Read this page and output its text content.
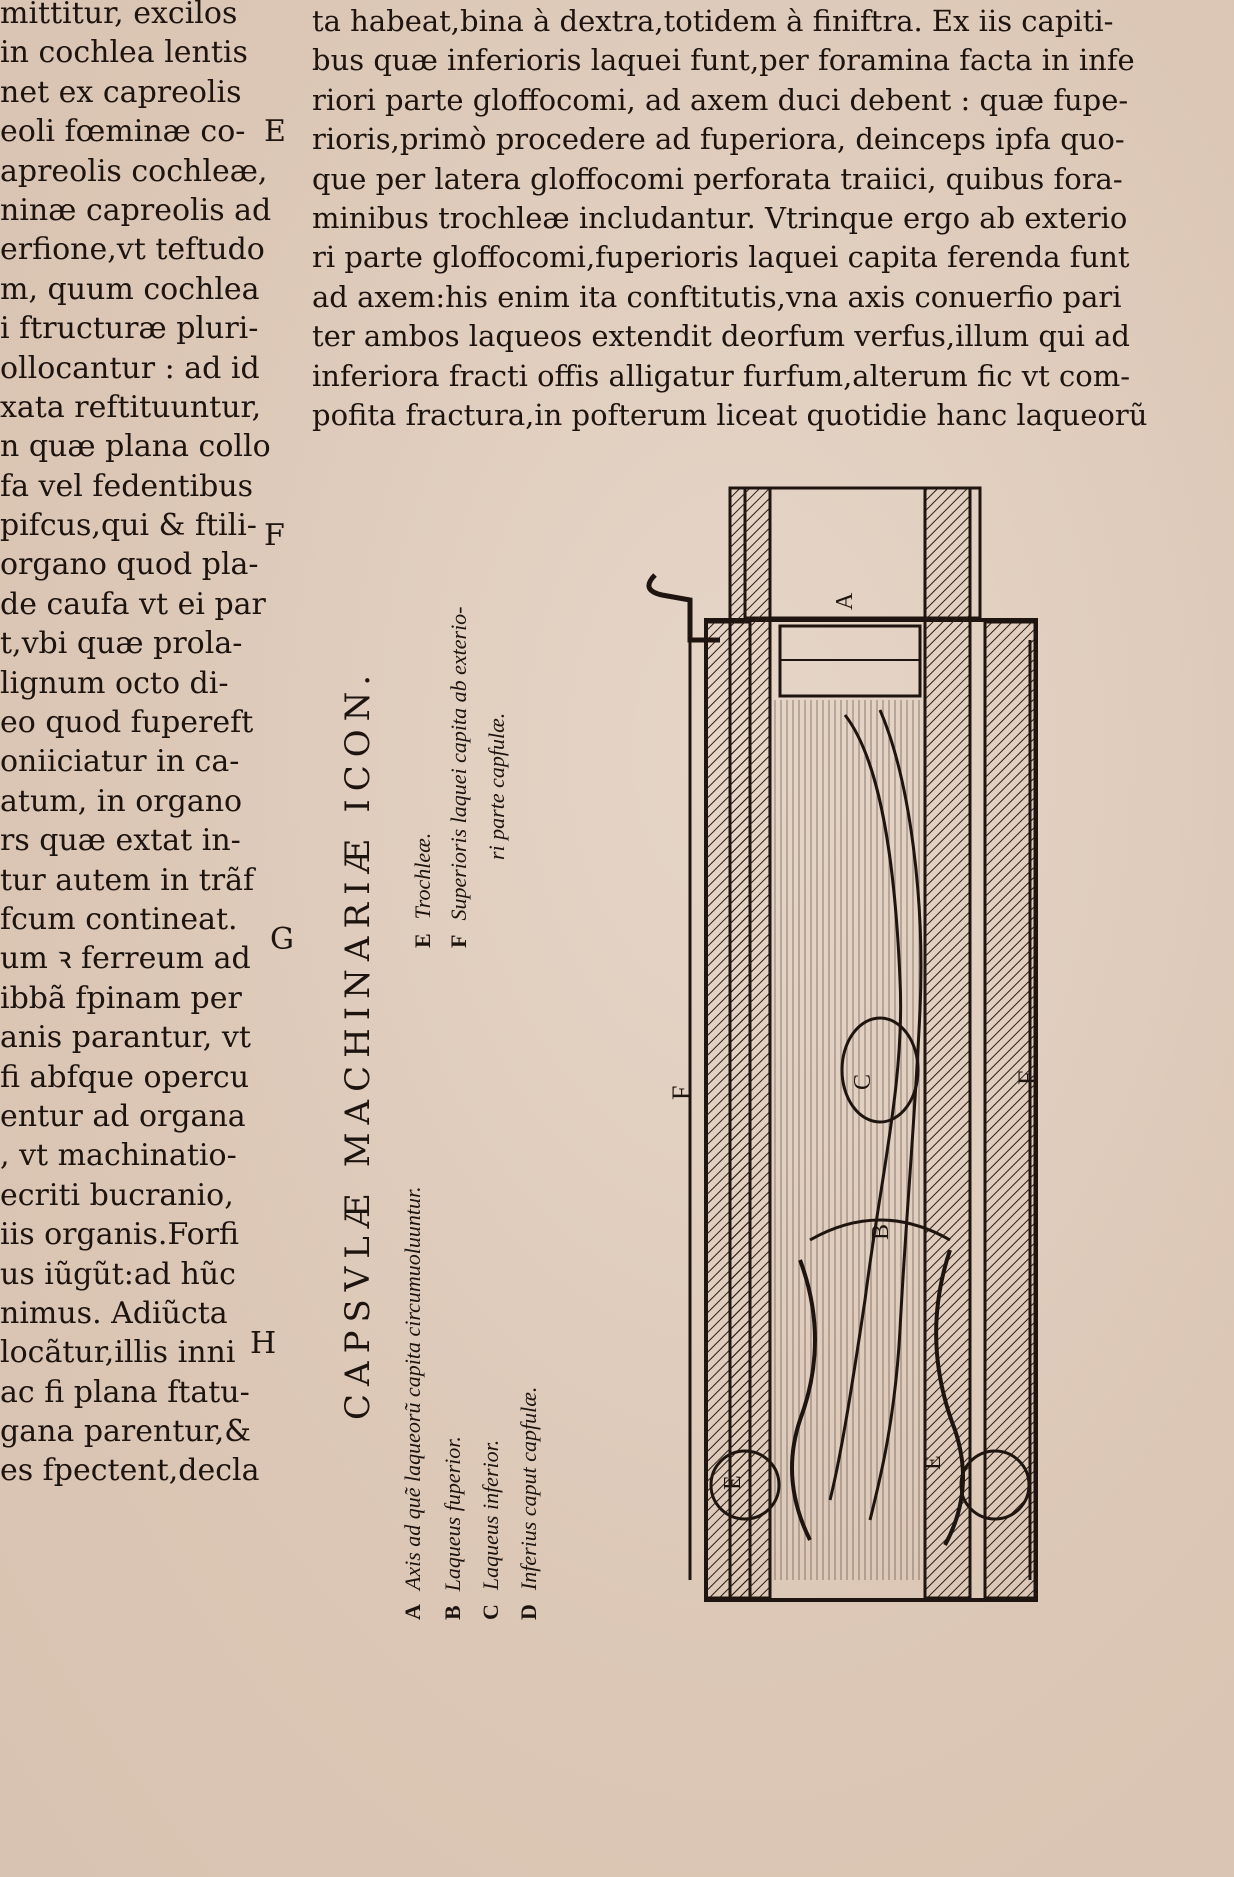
mittitur, excilos
in cochlea lentis
net ex capreolis
eoli fœminæ co-
apreolis cochleæ,
ninæ capreolis ad
erfione,vt teftudo
m, quum cochlea
i ftructuræ pluri-
ollocantur : ad id
xata reftituuntur,
n quæ plana collo
fa vel fedentibus
pifcus,qui & ftili-
organo quod pla-
de caufa vt ei par
t,vbi quæ prola-
lignum octo di-
eo quod fupereft
oniiciatur in ca-
atum, in organo
rs quæ extat in-
tur autem in trãf
fcum contineat.
um ꝛ ferreum ad
ibbã fpinam per
anis parantur, vt
fi abfque opercu
entur ad organa
, vt machinatio-
ecriti bucranio,
iis organis.Forfi
us iũgũt:ad hũc
nimus. Adiũcta
locãtur,illis inni
ac fi plana ftatu-
gana parentur,&
es fpectent,decla
E
F
G
H
ta habeat,bina à dextra,totidem à finiftra. Ex iis capiti-
bus quæ inferioris laquei funt,per foramina facta in infe
riori parte gloffocomi, ad axem duci debent : quæ fupe-
rioris,primò procedere ad fuperiora, deinceps ipfa quo-
que per latera gloffocomi perforata traiici, quibus fora-
minibus trochleæ includantur. Vtrinque ergo ab exterio
ri parte gloffocomi,fuperioris laquei capita ferenda funt
ad axem:his enim ita conftitutis,vna axis conuerfio pari
ter ambos laqueos extendit deorfum verfus,illum qui ad
inferiora fracti offis alligatur furfum,alterum fic vt com-
pofita fractura,in pofterum liceat quotidie hanc laqueorũ
CAPSVLÆ MACHINARIÆ ICON.
AAxis ad quẽ laqueorũ capita circumuoluuntur.
BLaqueus fuperior.
CLaqueus inferior.
DInferius caput capfulæ.
ETrochleæ.
FSuperioris laquei capita ab exterio- ri parte capfulæ.
A
B
C
E
E
F
F
